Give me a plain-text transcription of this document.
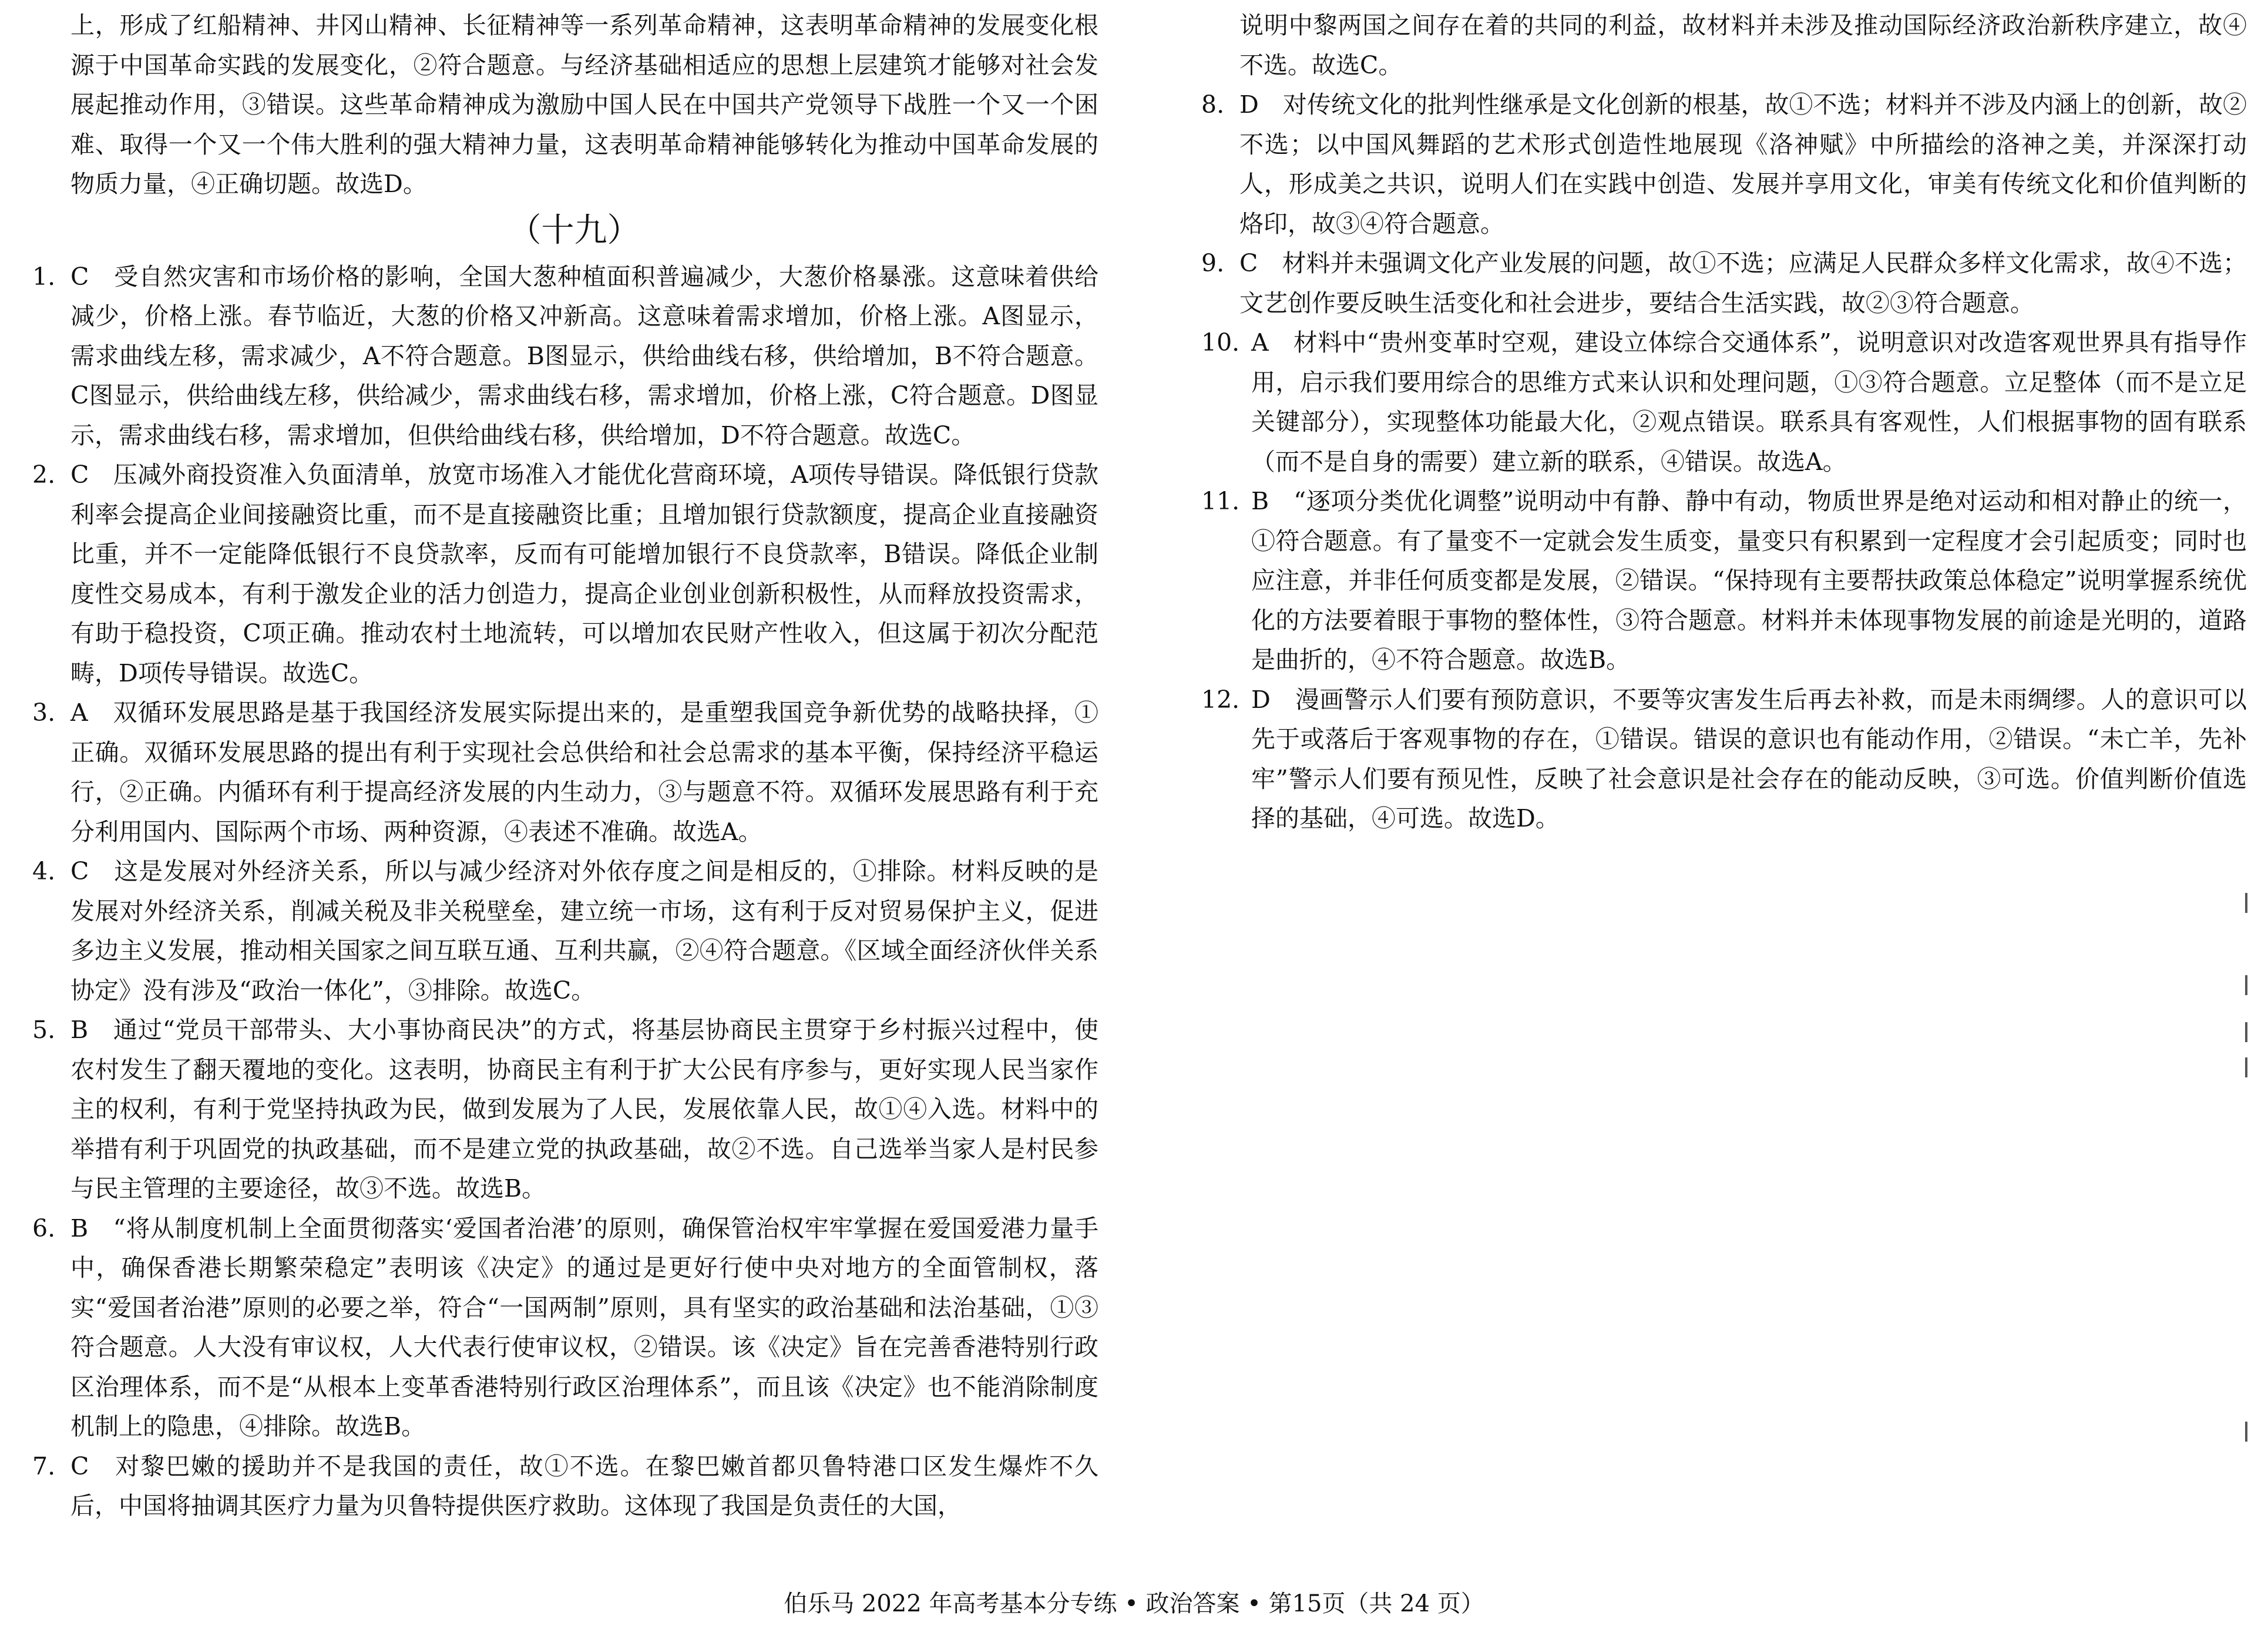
上，形成了红船精神、井冈山精神、长征精神等一系列革命精神，这表明革命精神的发展变化根源于中国革命实践的发展变化，②符合题意。与经济基础相适应的思想上层建筑才能够对社会发展起推动作用，③错误。这些革命精神成为激励中国人民在中国共产党领导下战胜一个又一个困难、取得一个又一个伟大胜利的强大精神力量，这表明革命精神能够转化为推动中国革命发展的物质力量，④正确切题。故选D。

（十九）

1. C　受自然灾害和市场价格的影响，全国大葱种植面积普遍减少，大葱价格暴涨。这意味着供给减少，价格上涨。春节临近，大葱的价格又冲新高。这意味着需求增加，价格上涨。A图显示，需求曲线左移，需求减少，A不符合题意。B图显示，供给曲线右移，供给增加，B不符合题意。C图显示，供给曲线左移，供给减少，需求曲线右移，需求增加，价格上涨，C符合题意。D图显示，需求曲线右移，需求增加，但供给曲线右移，供给增加，D不符合题意。故选C。

2. C　压减外商投资准入负面清单，放宽市场准入才能优化营商环境，A项传导错误。降低银行贷款利率会提高企业间接融资比重，而不是直接融资比重；且增加银行贷款额度，提高企业直接融资比重，并不一定能降低银行不良贷款率，反而有可能增加银行不良贷款率，B错误。降低企业制度性交易成本，有利于激发企业的活力创造力，提高企业创业创新积极性，从而释放投资需求，有助于稳投资，C项正确。推动农村土地流转，可以增加农民财产性收入，但这属于初次分配范畴，D项传导错误。故选C。

3. A　双循环发展思路是基于我国经济发展实际提出来的，是重塑我国竞争新优势的战略抉择，①正确。双循环发展思路的提出有利于实现社会总供给和社会总需求的基本平衡，保持经济平稳运行，②正确。内循环有利于提高经济发展的内生动力，③与题意不符。双循环发展思路有利于充分利用国内、国际两个市场、两种资源，④表述不准确。故选A。

4. C　这是发展对外经济关系，所以与减少经济对外依存度之间是相反的，①排除。材料反映的是发展对外经济关系，削减关税及非关税壁垒，建立统一市场，这有利于反对贸易保护主义，促进多边主义发展，推动相关国家之间互联互通、互利共赢，②④符合题意。《区域全面经济伙伴关系协定》没有涉及“政治一体化”，③排除。故选C。

5. B　通过“党员干部带头、大小事协商民决”的方式，将基层协商民主贯穿于乡村振兴过程中，使农村发生了翻天覆地的变化。这表明，协商民主有利于扩大公民有序参与，更好实现人民当家作主的权利，有利于党坚持执政为民，做到发展为了人民，发展依靠人民，故①④入选。材料中的举措有利于巩固党的执政基础，而不是建立党的执政基础，故②不选。自己选举当家人是村民参与民主管理的主要途径，故③不选。故选B。

6. B　“将从制度机制上全面贯彻落实‘爱国者治港’的原则，确保管治权牢牢掌握在爱国爱港力量手中，确保香港长期繁荣稳定”表明该《决定》的通过是更好行使中央对地方的全面管制权，落实“爱国者治港”原则的必要之举，符合“一国两制”原则，具有坚实的政治基础和法治基础，①③符合题意。人大没有审议权，人大代表行使审议权，②错误。该《决定》旨在完善香港特别行政区治理体系，而不是“从根本上变革香港特别行政区治理体系”，而且该《决定》也不能消除制度机制上的隐患，④排除。故选B。

7. C　对黎巴嫩的援助并不是我国的责任，故①不选。在黎巴嫩首都贝鲁特港口区发生爆炸不久后，中国将抽调其医疗力量为贝鲁特提供医疗救助。这体现了我国是负责任的大国，

说明中黎两国之间存在着的共同的利益，故材料并未涉及推动国际经济政治新秩序建立，故④不选。故选C。

8. D　对传统文化的批判性继承是文化创新的根基，故①不选；材料并不涉及内涵上的创新，故②不选；以中国风舞蹈的艺术形式创造性地展现《洛神赋》中所描绘的洛神之美，并深深打动人，形成美之共识，说明人们在实践中创造、发展并享用文化，审美有传统文化和价值判断的烙印，故③④符合题意。

9. C　材料并未强调文化产业发展的问题，故①不选；应满足人民群众多样文化需求，故④不选；文艺创作要反映生活变化和社会进步，要结合生活实践，故②③符合题意。

10. A　材料中“贵州变革时空观，建设立体综合交通体系”，说明意识对改造客观世界具有指导作用，启示我们要用综合的思维方式来认识和处理问题，①③符合题意。立足整体（而不是立足关键部分），实现整体功能最大化，②观点错误。联系具有客观性，人们根据事物的固有联系（而不是自身的需要）建立新的联系，④错误。故选A。

11. B　“逐项分类优化调整”说明动中有静、静中有动，物质世界是绝对运动和相对静止的统一，①符合题意。有了量变不一定就会发生质变，量变只有积累到一定程度才会引起质变；同时也应注意，并非任何质变都是发展，②错误。“保持现有主要帮扶政策总体稳定”说明掌握系统优化的方法要着眼于事物的整体性，③符合题意。材料并未体现事物发展的前途是光明的，道路是曲折的，④不符合题意。故选B。

12. D　漫画警示人们要有预防意识，不要等灾害发生后再去补救，而是未雨绸缪。人的意识可以先于或落后于客观事物的存在，①错误。错误的意识也有能动作用，②错误。“未亡羊，先补牢”警示人们要有预见性，反映了社会意识是社会存在的能动反映，③可选。价值判断价值选择的基础，④可选。故选D。

伯乐马 2022 年高考基本分专练 • 政治答案 • 第15页（共 24 页）
